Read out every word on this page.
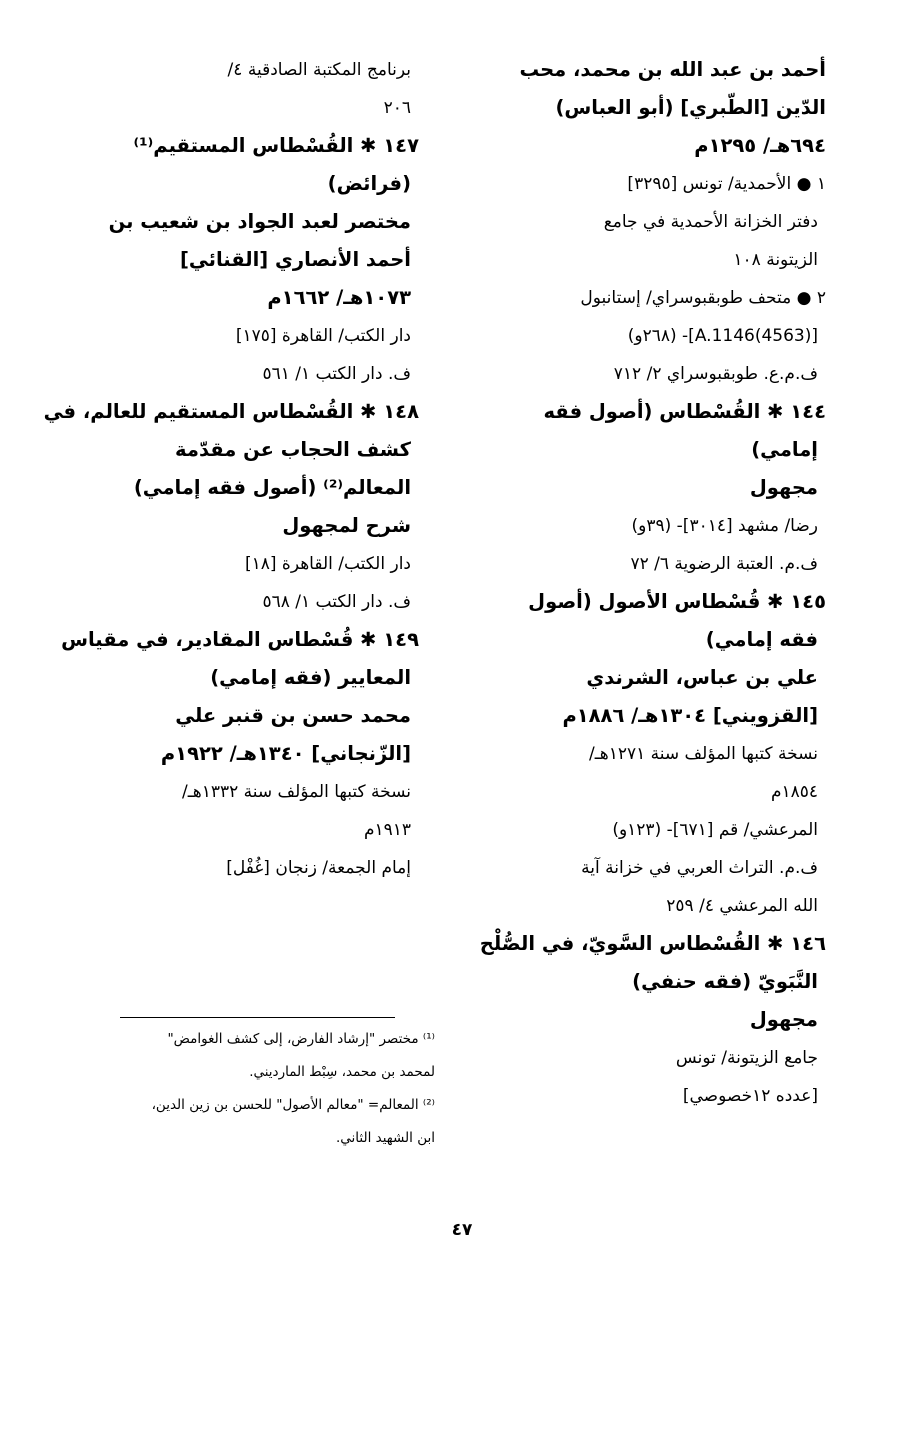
أحمد بن عبد الله بن محمد، محب
الدّين [الطّبري] (أبو العباس)
٦٩٤هـ/ ١٢٩٥م
١ ● الأحمدية/ تونس [٣٢٩٥]
دفتر الخزانة الأحمدية في جامع
الزيتونة ١٠٨
٢ ● متحف طوبقبوسراي/ إستانبول
[A.1146(4563)]- (٢٦٨و)
ف.م.ع. طوبقبوسراي ٢/ ٧١٢
١٤٤ ✱ القُسْطاس (أصول فقه
إمامي)
مجهول
رضا/ مشهد [٣٠١٤]- (٣٩و)
ف.م. العتبة الرضوية ٦/ ٧٢
١٤٥ ✱ قُسْطاس الأصول (أصول
فقه إمامي)
علي بن عباس، الشرندي
[القزويني] ١٣٠٤هـ/ ١٨٨٦م
نسخة كتبها المؤلف سنة ١٢٧١هـ/
١٨٥٤م
المرعشي/ قم [٦٧١]- (١٢٣و)
ف.م. التراث العربي في خزانة آية
الله المرعشي ٤/ ٢٥٩
١٤٦ ✱ القُسْطاس السَّويّ، في الصُّلْح
النَّبَويّ (فقه حنفي)
مجهول
جامع الزيتونة/ تونس
[عدده ١٢خصوصي]
برنامج المكتبة الصادقية ٤/
٢٠٦
١٤٧ ✱ القُسْطاس المستقيم⁽¹⁾
(فرائض)
مختصر لعبد الجواد بن شعيب بن
أحمد الأنصاري [القنائي]
١٠٧٣هـ/ ١٦٦٢م
دار الكتب/ القاهرة [١٧٥]
ف. دار الكتب ١/ ٥٦١
١٤٨ ✱ القُسْطاس المستقيم للعالم، في
كشف الحجاب عن مقدّمة
المعالم⁽²⁾ (أصول فقه إمامي)
شرح لمجهول
دار الكتب/ القاهرة [١٨]
ف. دار الكتب ١/ ٥٦٨
١٤٩ ✱ قُسْطاس المقادير، في مقياس
المعايير (فقه إمامي)
محمد حسن بن قنبر علي
[الزّنجاني] ١٣٤٠هـ/ ١٩٢٢م
نسخة كتبها المؤلف سنة ١٣٣٢هـ/
١٩١٣م
إمام الجمعة/ زنجان [غُفْل]
⁽¹⁾ مختصر "إرشاد الفارض، إلى كشف الغوامض"
لمحمد بن محمد، سِبْط المارديني.
⁽²⁾ المعالم= "معالم الأصول" للحسن بن زين الدين،
ابن الشهيد الثاني.
٤٧
